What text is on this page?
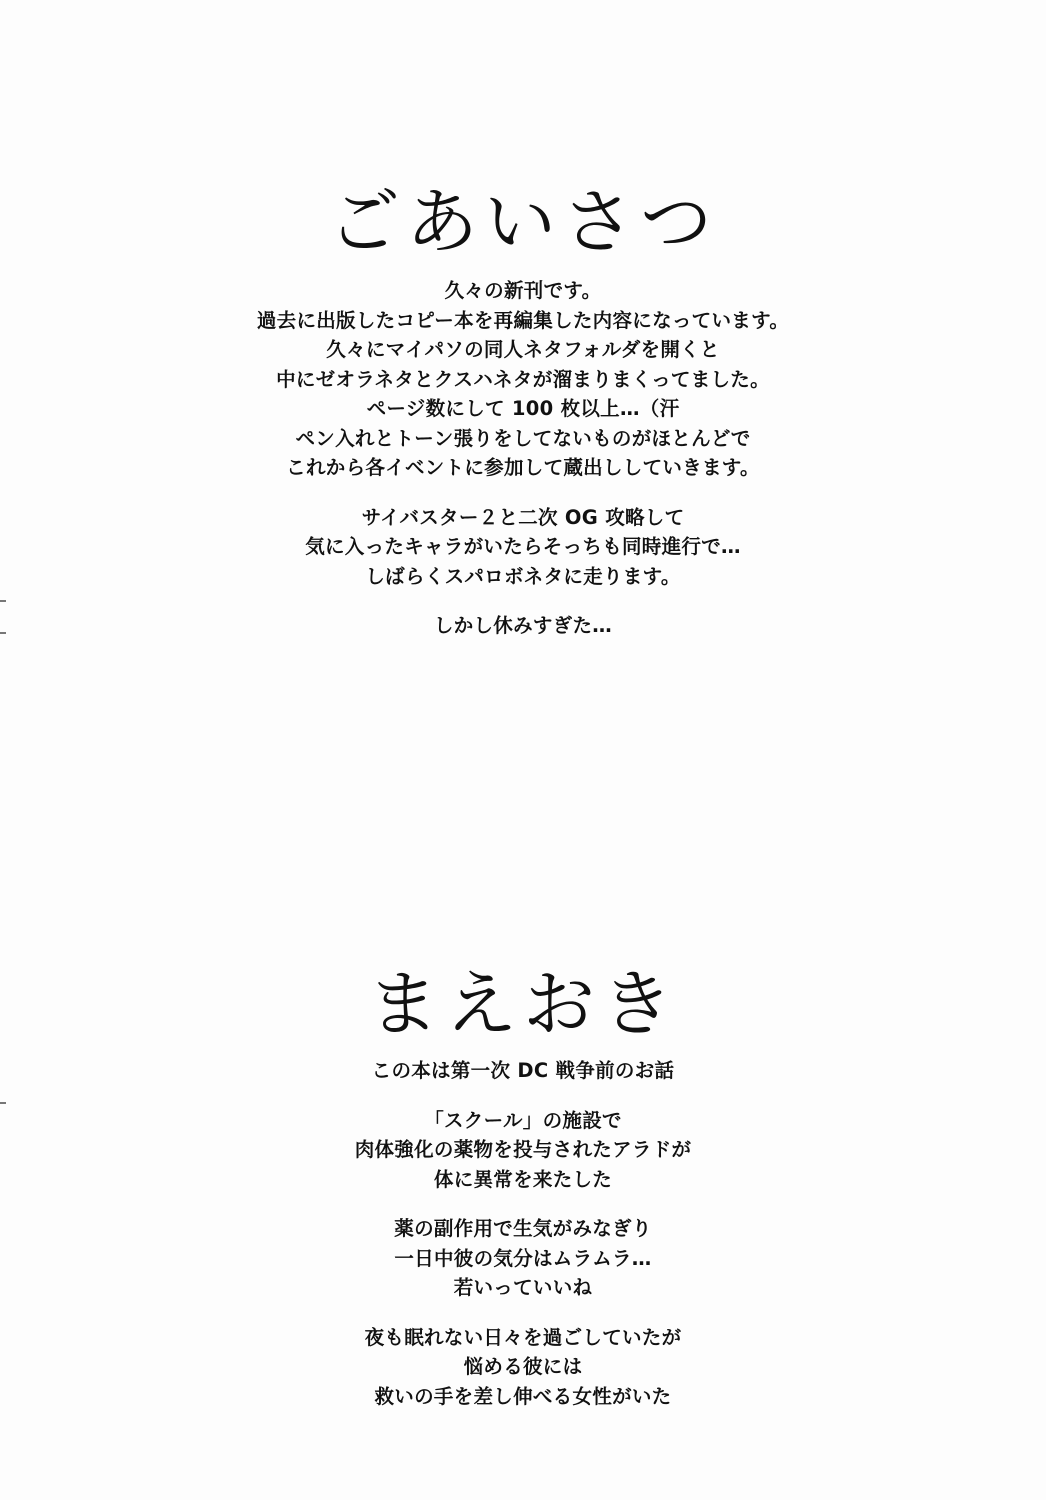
ごあいさつ

久々の新刊です。
過去に出版したコピー本を再編集した内容になっています。
久々にマイパソの同人ネタフォルダを開くと
中にゼオラネタとクスハネタが溜まりまくってました。
ページ数にして 100 枚以上…（汗
ペン入れとトーン張りをしてないものがほとんどで
これから各イベントに参加して蔵出ししていきます。

サイバスター２と二次 OG 攻略して
気に入ったキャラがいたらそっちも同時進行で…
しばらくスパロボネタに走ります。

しかし休みすぎた…

まえおき

この本は第一次 DC 戦争前のお話

「スクール」の施設で
肉体強化の薬物を投与されたアラドが
体に異常を来たした

薬の副作用で生気がみなぎり
一日中彼の気分はムラムラ…
若いっていいね

夜も眠れない日々を過ごしていたが
悩める彼には
救いの手を差し伸べる女性がいた
